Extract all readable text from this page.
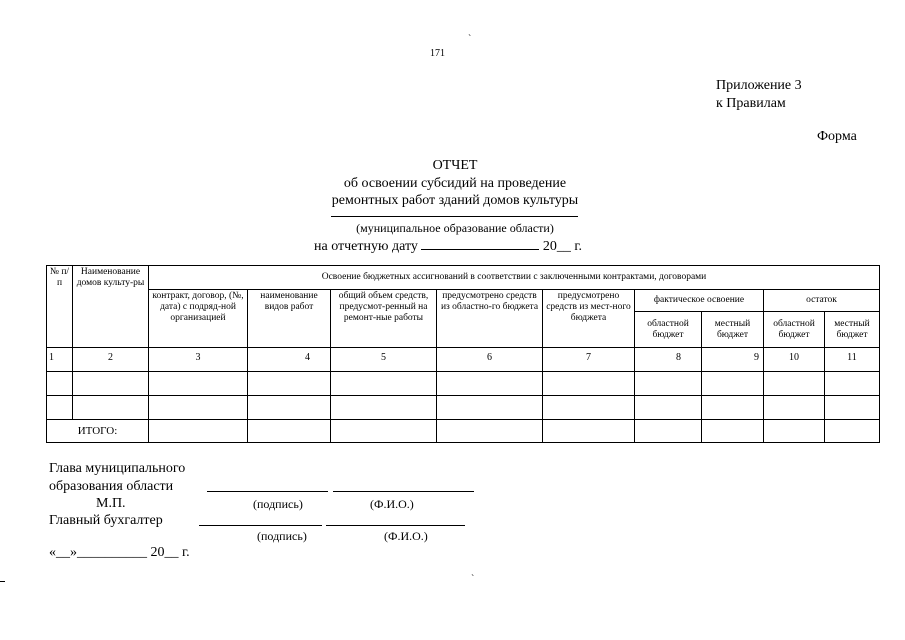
171
`
Приложение 3
к Правилам
Форма
ОТЧЕТ
об освоении субсидий на проведение
ремонтных работ зданий домов культуры
(муниципальное образование области)
на отчетную дату	20__ г.
№ п/п	Наименование домов культу-ры	Освоение бюджетных ассигнований в соответствии с заключенными контрактами, договорами								
		контракт, договор, (№, дата) с подряд-ной организацией	наименование видов работ	общий объем средств, предусмот-ренный на ремонт-ные работы	предусмотрено средств из областно-го бюджета	предусмотрено средств из мест-ного бюджета	фактическое освоение		остаток	
							областной бюджет	местный бюджет	областной бюджет	местный бюджет
1	2	3	4	5	6	7	8	9	10	11

ИТОГО:										
Глава муниципального
образования области
М.П.	(подпись)	(Ф.И.О.)
Главный бухгалтер
(подпись)	(Ф.И.О.)
«__»__________ 20__ г.
`
